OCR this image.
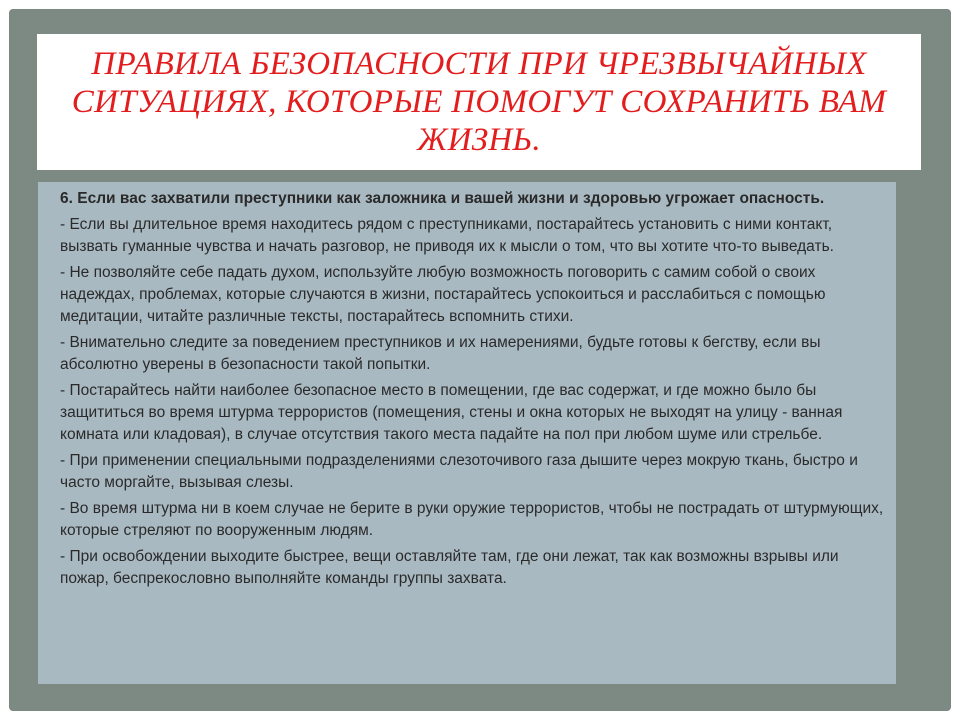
ПРАВИЛА БЕЗОПАСНОСТИ ПРИ ЧРЕЗВЫЧАЙНЫХ СИТУАЦИЯХ, КОТОРЫЕ ПОМОГУТ СОХРАНИТЬ ВАМ ЖИЗНЬ.

6. Если вас захватили преступники как заложника и вашей жизни и здоровью угрожает опасность.

- Если вы длительное время находитесь рядом с преступниками, постарайтесь установить с ними контакт, вызвать гуманные чувства и начать разговор, не приводя их к мысли о том, что вы хотите что-то выведать.

- Не позволяйте себе падать духом, используйте любую возможность поговорить с самим собой о своих надеждах, проблемах, которые случаются в жизни, постарайтесь успокоиться и расслабиться с помощью медитации, читайте различные тексты, постарайтесь вспомнить стихи.

- Внимательно следите за поведением преступников и их намерениями, будьте готовы к бегству, если вы абсолютно уверены в безопасности такой попытки.

- Постарайтесь найти наиболее безопасное место в помещении, где вас содержат, и где можно было бы защититься во время штурма террористов (помещения, стены и окна которых не выходят на улицу - ванная комната или кладовая), в случае отсутствия такого места падайте на пол при любом шуме или стрельбе.

- При применении специальными подразделениями слезоточивого газа дышите через мокрую ткань, быстро и часто моргайте, вызывая слезы.

- Во время штурма ни в коем случае не берите в руки оружие террористов, чтобы не пострадать от штурмующих, которые стреляют по вооруженным людям.

- При освобождении выходите быстрее, вещи оставляйте там, где они лежат, так как возможны взрывы или пожар, беспрекословно выполняйте команды группы захвата.
